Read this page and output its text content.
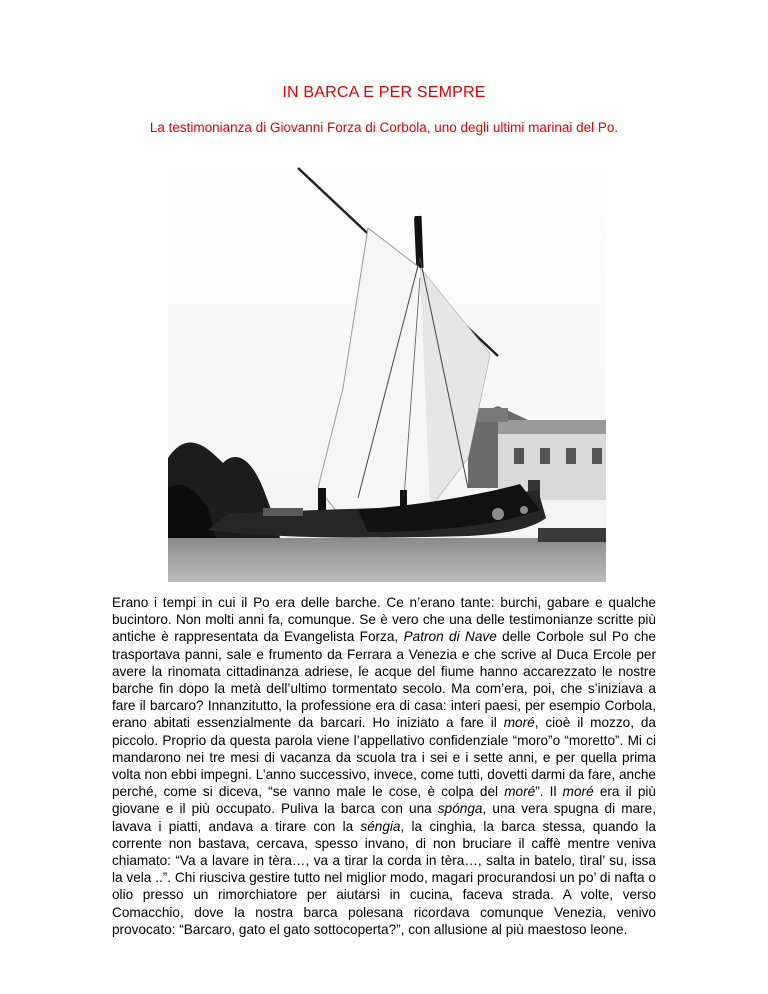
IN BARCA E PER SEMPRE
La testimonianza di Giovanni Forza di Corbola, uno degli ultimi marinai del Po.

Erano i tempi in cui il Po era delle barche. Ce n’erano tante: burchi, gabare e qualche bucintoro. Non molti anni fa, comunque. Se è vero che una delle testimonianze scritte più antiche è rappresentata da Evangelista Forza, Patron di Nave delle Corbole sul Po che trasportava panni, sale e frumento da Ferrara a Venezia e che scrive al Duca Ercole per avere la rinomata cittadinanza adriese, le acque del fiume hanno accarezzato le nostre barche fin dopo la metà dell’ultimo tormentato secolo. Ma com’era, poi, che s’iniziava a fare il barcaro? Innanzitutto, la professione era di casa: interi paesi, per esempio Corbola, erano abitati essenzialmente da barcari. Ho iniziato a fare il moré, cioè il mozzo, da piccolo. Proprio da questa parola viene l’appellativo confidenziale “moro”o “moretto”. Mi ci mandarono nei tre mesi di vacanza da scuola tra i sei e i sette anni, e per quella prima volta non ebbi impegni. L’anno successivo, invece, come tutti, dovetti darmi da fare, anche perché, come si diceva, “se vanno male le cose, è colpa del moré”. Il moré era il più giovane e il più occupato. Puliva la barca con una spónga, una vera spugna di mare, lavava i piatti, andava a tirare con la séngia, la cinghia, la barca stessa, quando la corrente non bastava, cercava, spesso invano, di non bruciare il caffè mentre veniva chiamato: “Va a lavare in tèra…, va a tirar la corda in tèra…, salta in batelo, tìral’ su, issa la vela ..”. Chi riusciva gestire tutto nel miglior modo, magari procurandosi un po’ di nafta o olio presso un rimorchiatore per aiutarsi in cucina, faceva strada. A volte, verso Comacchio, dove la nostra barca polesana ricordava comunque Venezia, venivo provocato: “Barcaro, gato el gato sottocoperta?”, con allusione al più maestoso leone.
